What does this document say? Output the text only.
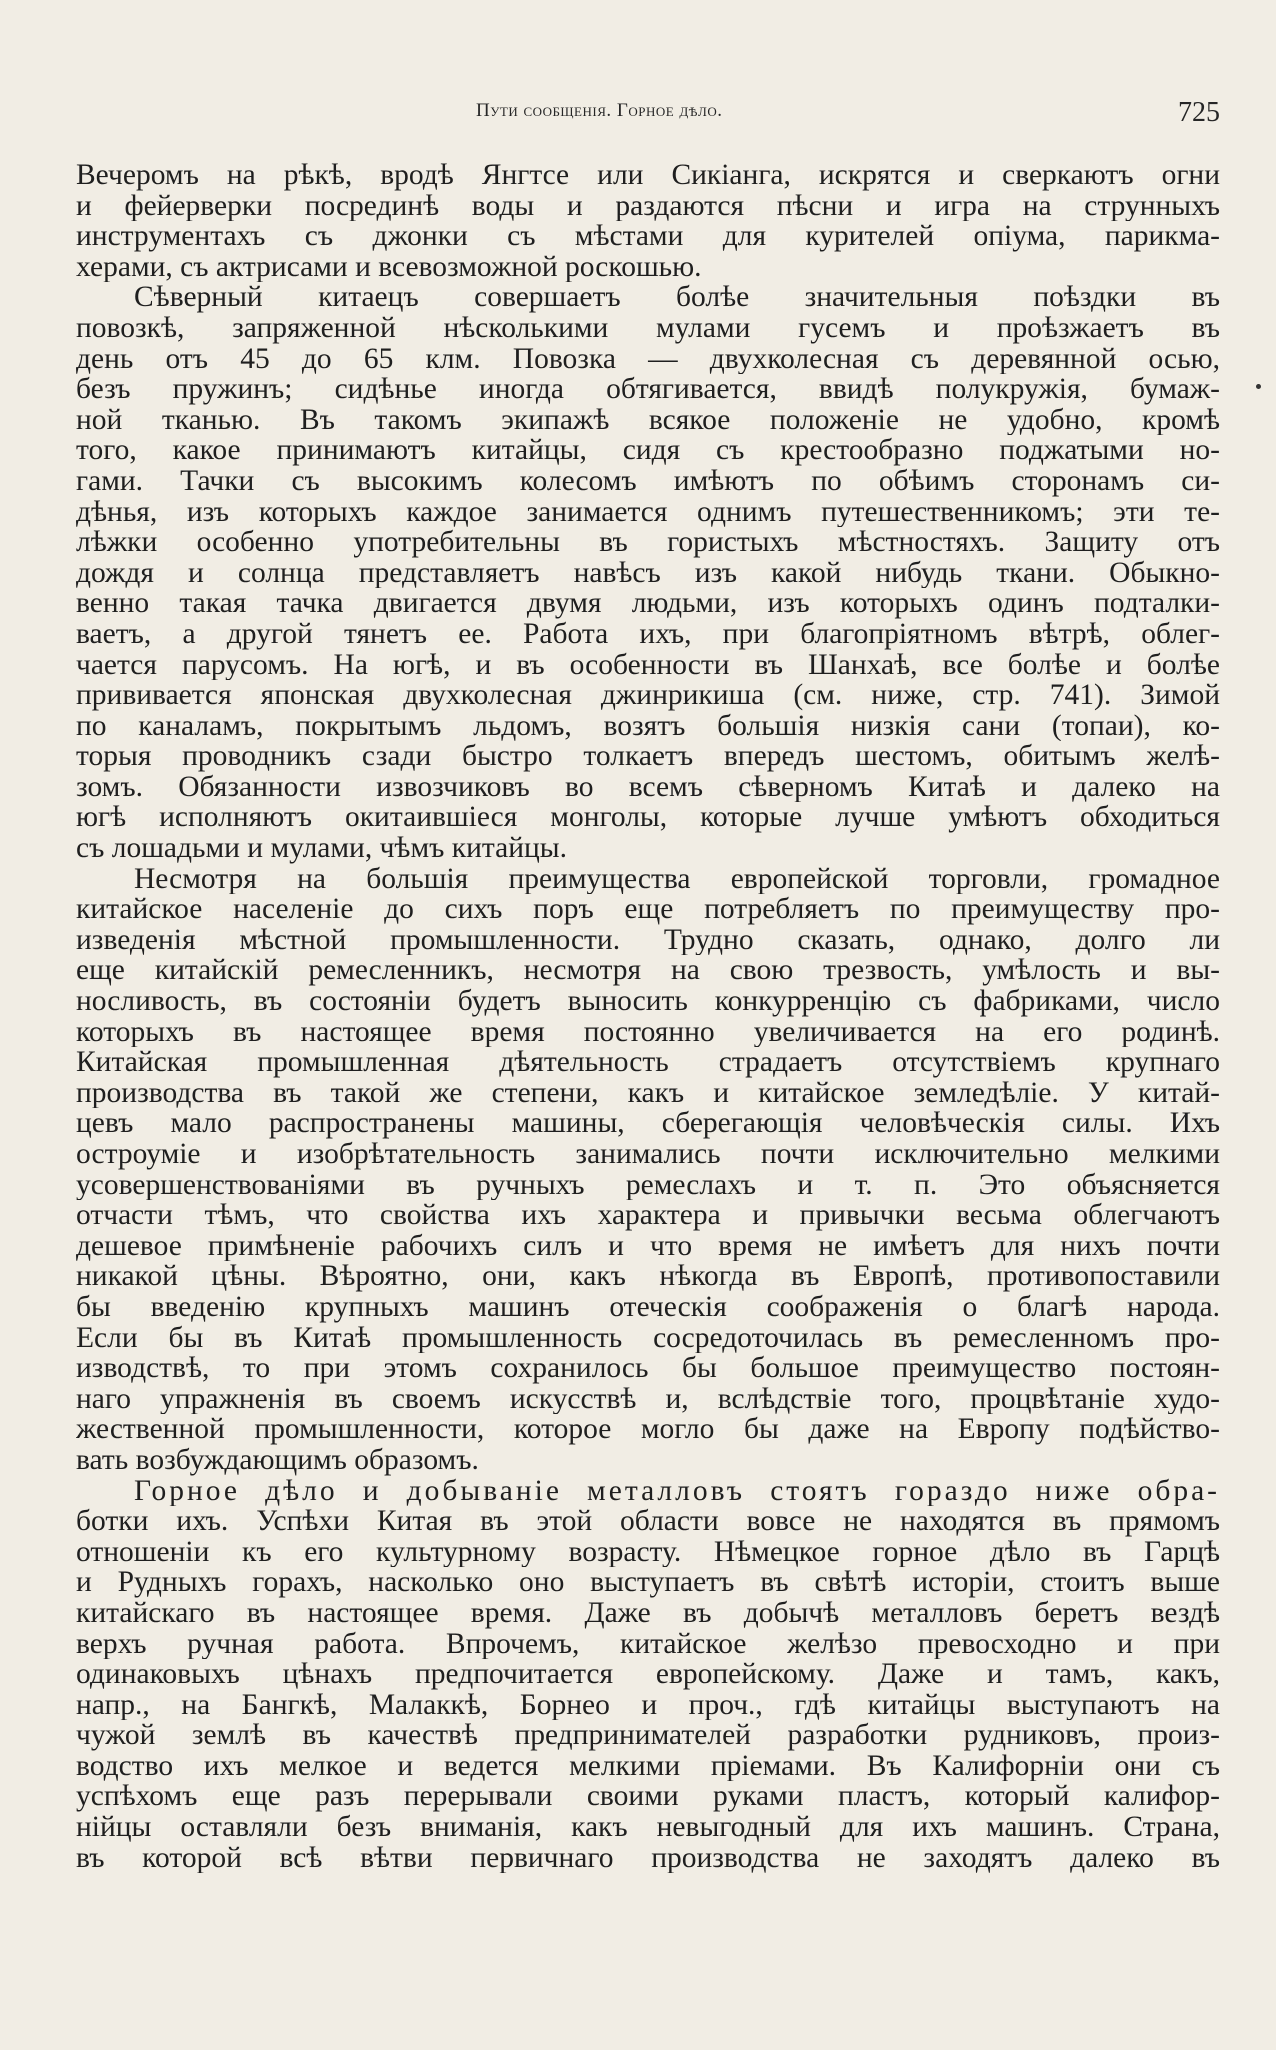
Пути сообщенія. Горное дѣло.	725
Вечеромъ на рѣкѣ, вродѣ Янгтсе или Сикіанга, искрятся и сверкаютъ огни
и фейерверки посрединѣ воды и раздаются пѣсни и игра на струнныхъ
инструментахъ съ джонки съ мѣстами для курителей опіума, парикма-
херами, съ актрисами и всевозможной роскошью.
Сѣверный китаецъ совершаетъ болѣе значительныя поѣздки въ
повозкѣ, запряженной нѣсколькими мулами гусемъ и проѣзжаетъ въ
день отъ 45 до 65 клм. Повозка — двухколесная съ деревянной осью,
безъ пружинъ; сидѣнье иногда обтягивается, ввидѣ полукружія, бумаж-
ной тканью. Въ такомъ экипажѣ всякое положеніе не удобно, кромѣ
того, какое принимаютъ китайцы, сидя съ крестообразно поджатыми но-
гами. Тачки съ высокимъ колесомъ имѣютъ по обѣимъ сторонамъ си-
дѣнья, изъ которыхъ каждое занимается однимъ путешественникомъ; эти те-
лѣжки особенно употребительны въ гористыхъ мѣстностяхъ. Защиту отъ
дождя и солнца представляетъ навѣсъ изъ какой нибудь ткани. Обыкно-
венно такая тачка двигается двумя людьми, изъ которыхъ одинъ подталки-
ваетъ, а другой тянетъ ее. Работа ихъ, при благопріятномъ вѣтрѣ, облег-
чается парусомъ. На югѣ, и въ особенности въ Шанхаѣ, все болѣе и болѣе
прививается японская двухколесная джинрикиша (см. ниже, стр. 741). Зимой
по каналамъ, покрытымъ льдомъ, возятъ большія низкія сани (топаи), ко-
торыя проводникъ сзади быстро толкаетъ впередъ шестомъ, обитымъ желѣ-
зомъ. Обязанности извозчиковъ во всемъ сѣверномъ Китаѣ и далеко на
югѣ исполняютъ окитаившіеся монголы, которые лучше умѣютъ обходиться
съ лошадьми и мулами, чѣмъ китайцы.
Несмотря на большія преимущества европейской торговли, громадное
китайское населеніе до сихъ поръ еще потребляетъ по преимуществу про-
изведенія мѣстной промышленности. Трудно сказать, однако, долго ли
еще китайскій ремесленникъ, несмотря на свою трезвость, умѣлость и вы-
носливость, въ состояніи будетъ выносить конкурренцію съ фабриками, число
которыхъ въ настоящее время постоянно увеличивается на его родинѣ.
Китайская промышленная дѣятельность страдаетъ отсутствіемъ крупнаго
производства въ такой же степени, какъ и китайское земледѣліе. У китай-
цевъ мало распространены машины, сберегающія человѣческія силы. Ихъ
остроуміе и изобрѣтательность занимались почти исключительно мелкими
усовершенствованіями въ ручныхъ ремеслахъ и т. п. Это объясняется
отчасти тѣмъ, что свойства ихъ характера и привычки весьма облегчаютъ
дешевое примѣненіе рабочихъ силъ и что время не имѣетъ для нихъ почти
никакой цѣны. Вѣроятно, они, какъ нѣкогда въ Европѣ, противопоставили
бы введенію крупныхъ машинъ отеческія соображенія о благѣ народа.
Если бы въ Китаѣ промышленность сосредоточилась въ ремесленномъ про-
изводствѣ, то при этомъ сохранилось бы большое преимущество постоян-
наго упражненія въ своемъ искусствѣ и, вслѣдствіе того, процвѣтаніе худо-
жественной промышленности, которое могло бы даже на Европу подѣйство-
вать возбуждающимъ образомъ.
Горное дѣло и добываніе металловъ стоятъ гораздо ниже обра-
ботки ихъ. Успѣхи Китая въ этой области вовсе не находятся въ прямомъ
отношеніи къ его культурному возрасту. Нѣмецкое горное дѣло въ Гарцѣ
и Рудныхъ горахъ, насколько оно выступаетъ въ свѣтѣ исторіи, стоитъ выше
китайскаго въ настоящее время. Даже въ добычѣ металловъ беретъ вездѣ
верхъ ручная работа. Впрочемъ, китайское желѣзо превосходно и при
одинаковыхъ цѣнахъ предпочитается европейскому. Даже и тамъ, какъ,
напр., на Бангкѣ, Малаккѣ, Борнео и проч., гдѣ китайцы выступаютъ на
чужой землѣ въ качествѣ предпринимателей разработки рудниковъ, произ-
водство ихъ мелкое и ведется мелкими пріемами. Въ Калифорніи они съ
успѣхомъ еще разъ перерывали своими руками пластъ, который калифор-
нійцы оставляли безъ вниманія, какъ невыгодный для ихъ машинъ. Страна,
въ которой всѣ вѣтви первичнаго производства не заходятъ далеко въ
